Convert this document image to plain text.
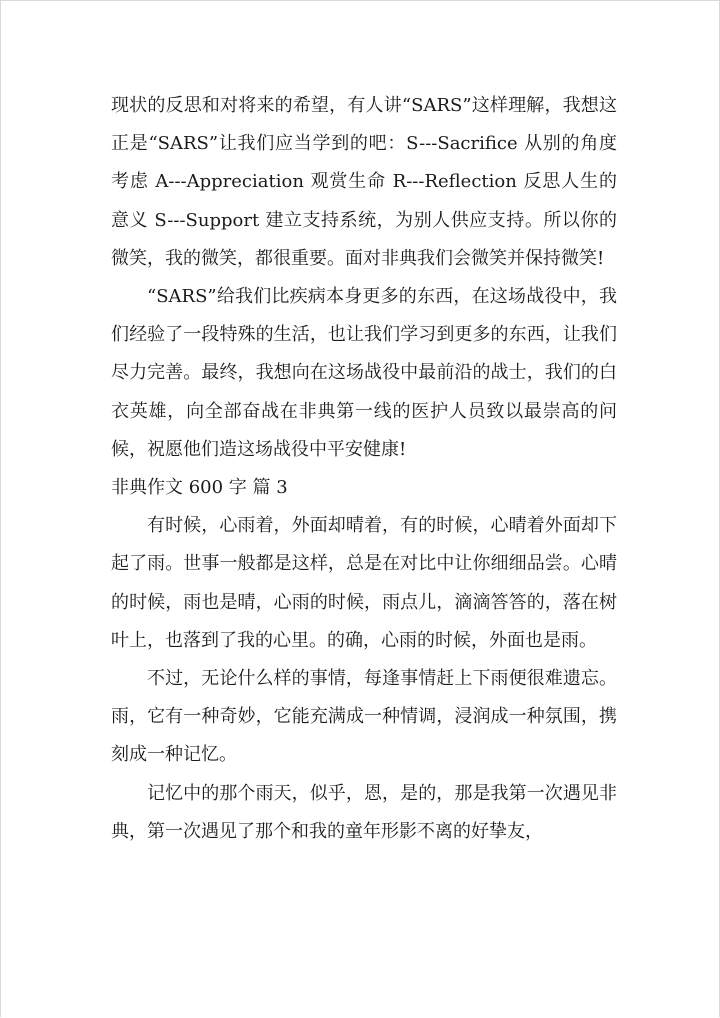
现状的反思和对将来的希望，有人讲“SARS”这样理解，我想这正是“SARS”让我们应当学到的吧：S---Sacrifice 从别的角度考虑 A---Appreciation 观赏生命 R---Reflection 反思人生的意义 S---Support 建立支持系统，为别人供应支持。所以你的微笑，我的微笑，都很重要。面对非典我们会微笑并保持微笑!

“SARS”给我们比疾病本身更多的东西，在这场战役中，我们经验了一段特殊的生活，也让我们学习到更多的东西，让我们尽力完善。最终，我想向在这场战役中最前沿的战士，我们的白衣英雄，向全部奋战在非典第一线的医护人员致以最崇高的问候，祝愿他们造这场战役中平安健康!

非典作文 600 字 篇 3

有时候，心雨着，外面却晴着，有的时候，心晴着外面却下起了雨。世事一般都是这样，总是在对比中让你细细品尝。心晴的时候，雨也是晴，心雨的时候，雨点儿，滴滴答答的，落在树叶上，也落到了我的心里。的确，心雨的时候，外面也是雨。

不过，无论什么样的事情，每逢事情赶上下雨便很难遗忘。雨，它有一种奇妙，它能充满成一种情调，浸润成一种氛围，携刻成一种记忆。

记忆中的那个雨天，似乎，恩，是的，那是我第一次遇见非典，第一次遇见了那个和我的童年形影不离的好挚友，
